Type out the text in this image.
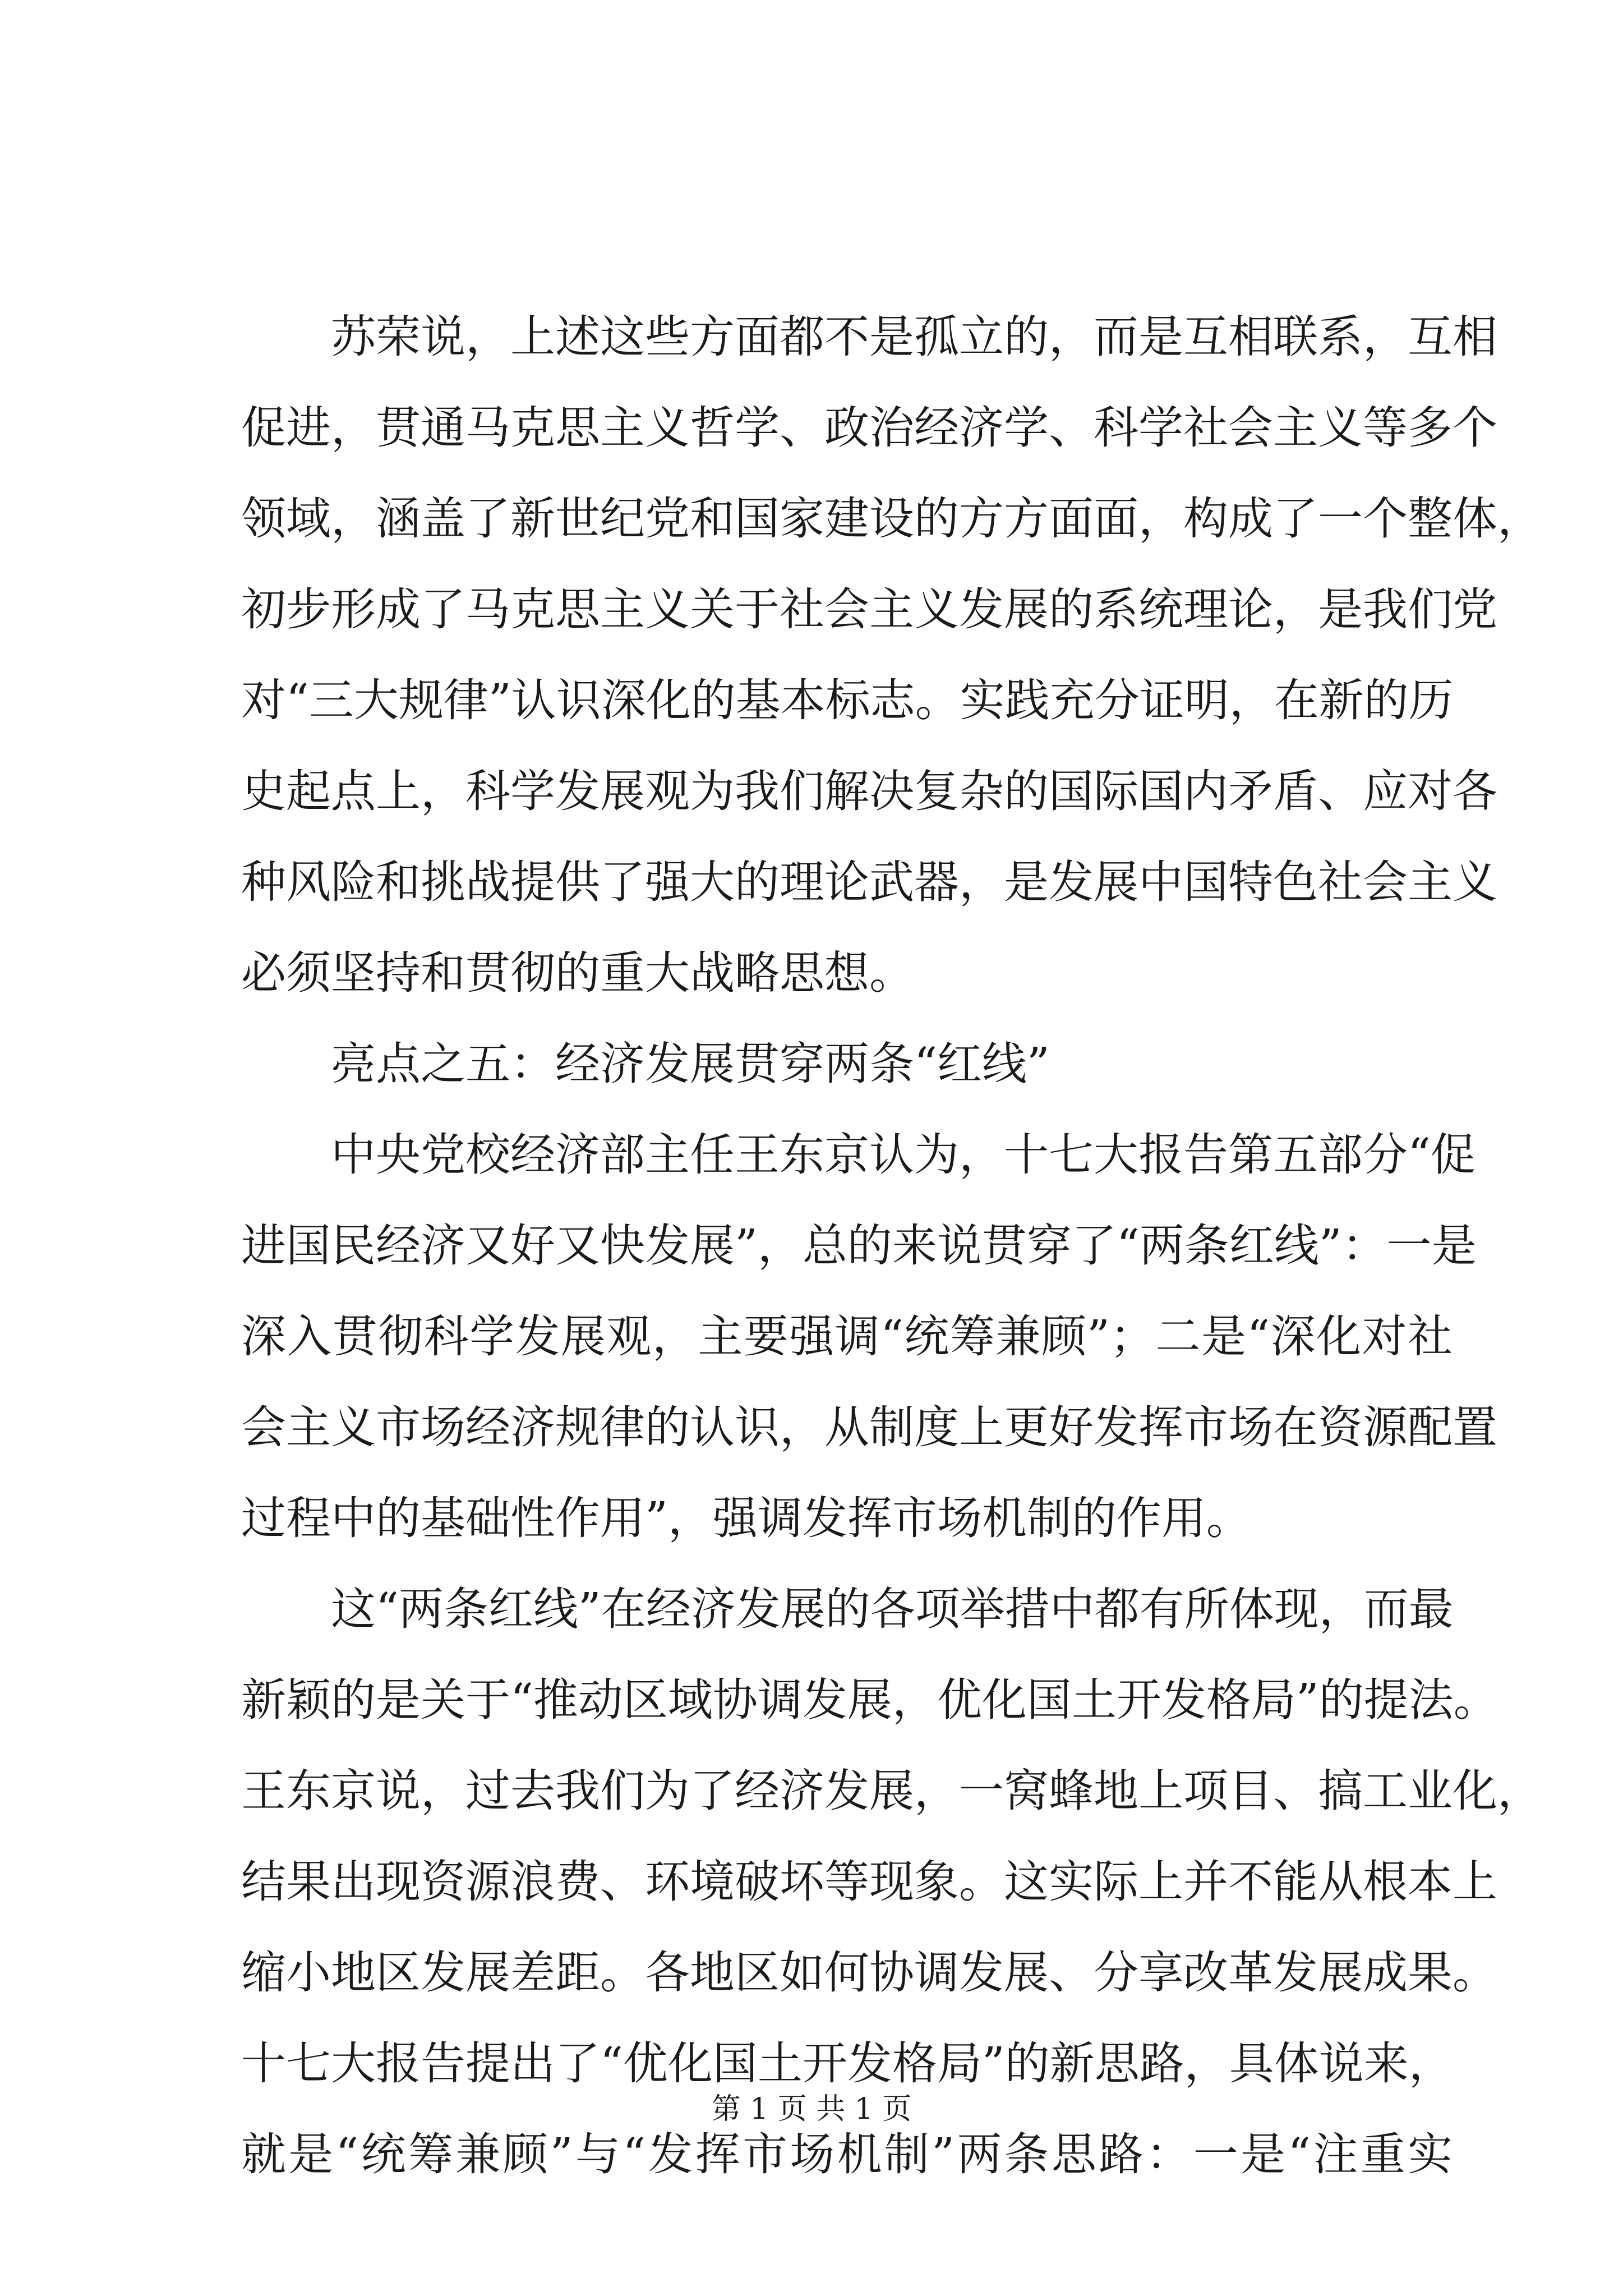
苏荣说，上述这些方面都不是孤立的，而是互相联系，互相
促进，贯通马克思主义哲学、政治经济学、科学社会主义等多个
领域，涵盖了新世纪党和国家建设的方方面面，构成了一个整体，
初步形成了马克思主义关于社会主义发展的系统理论，是我们党
对“三大规律”认识深化的基本标志。实践充分证明，在新的历
史起点上，科学发展观为我们解决复杂的国际国内矛盾、应对各
种风险和挑战提供了强大的理论武器，是发展中国特色社会主义
必须坚持和贯彻的重大战略思想。
亮点之五：经济发展贯穿两条“红线”
中央党校经济部主任王东京认为，十七大报告第五部分“促
进国民经济又好又快发展”，总的来说贯穿了“两条红线”：一是
深入贯彻科学发展观，主要强调“统筹兼顾”；二是“深化对社
会主义市场经济规律的认识，从制度上更好发挥市场在资源配置
过程中的基础性作用”，强调发挥市场机制的作用。
这“两条红线”在经济发展的各项举措中都有所体现，而最
新颖的是关于“推动区域协调发展，优化国土开发格局”的提法。
王东京说，过去我们为了经济发展，一窝蜂地上项目、搞工业化，
结果出现资源浪费、环境破坏等现象。这实际上并不能从根本上
缩小地区发展差距。各地区如何协调发展、分享改革发展成果。
十七大报告提出了“优化国土开发格局”的新思路，具体说来，
就是“统筹兼顾”与“发挥市场机制”两条思路：一是“注重实
第 1 页 共 1 页
